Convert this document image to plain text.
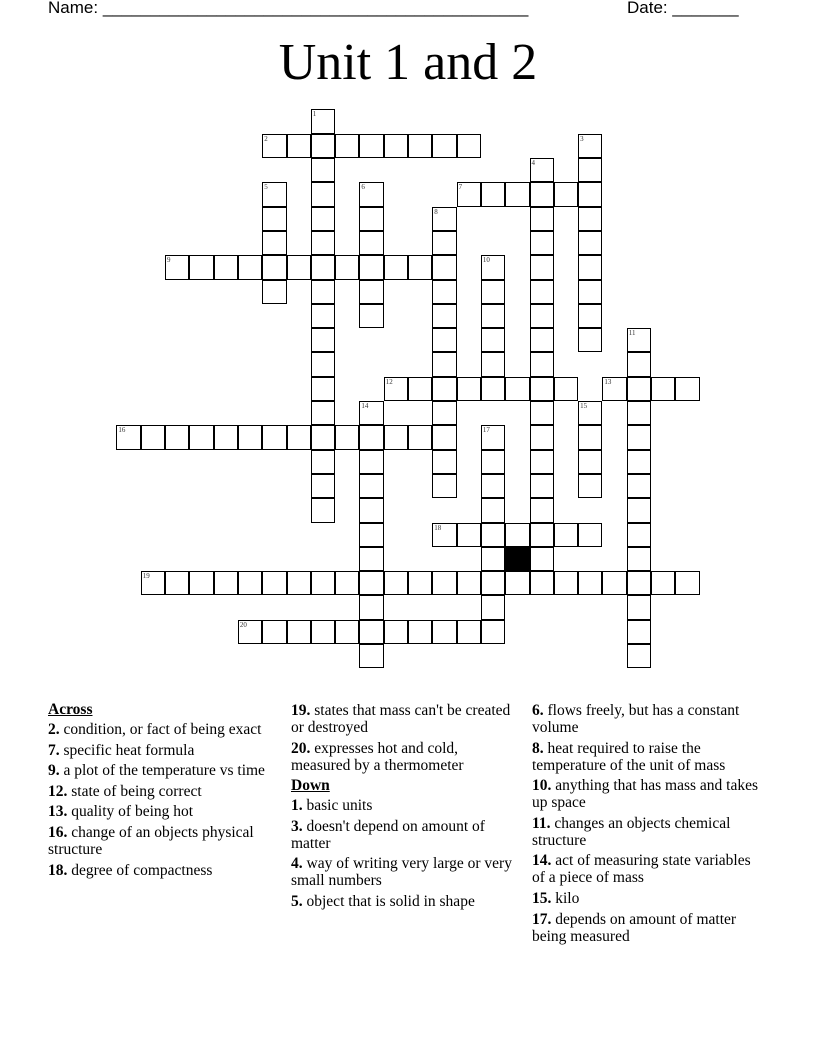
Name: _____________________________________________	Date: _______
Unit 1 and 2
1
2	3
4
5	6	7
8
9	10
11
12	13
14	15
16	17
18
19
20
Across
2. condition, or fact of being exact
7. specific heat formula
9. a plot of the temperature vs time
12. state of being correct
13. quality of being hot
16. change of an objects physical structure
18. degree of compactness
19. states that mass can't be created or destroyed
20. expresses hot and cold, measured by a thermometer
Down
1. basic units
3. doesn't depend on amount of matter
4. way of writing very large or very small numbers
5. object that is solid in shape
6. flows freely, but has a constant volume
8. heat required to raise the temperature of the unit of mass
10. anything that has mass and takes up space
11. changes an objects chemical structure
14. act of measuring state variables of a piece of mass
15. kilo
17. depends on amount of matter being measured
